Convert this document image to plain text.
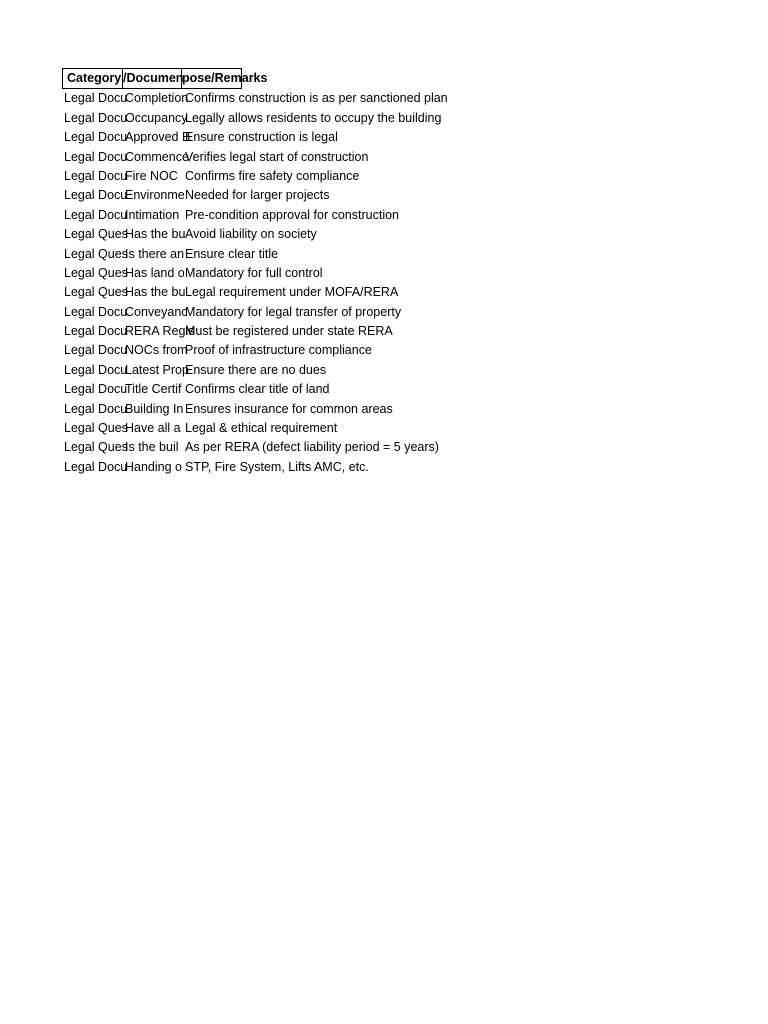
Category /Documen
pose/Remarks
Legal Docu
Completion
Confirms construction is as per sanctioned plan
Legal Docu
Occupancy
Legally allows residents to occupy the building
Legal Docu
Approved B
Ensure construction is legal
Legal Docu
Commence
Verifies legal start of construction
Legal Docu
Fire NOC Confirms fire safety compliance
Legal Docu
Environme Needed for larger projects
Legal Docu
Intimation Pre-condition approval for construction
Legal Ques
Has the bu Avoid liability on society
Legal Ques
Is there an Ensure clear title
Legal Ques
Has land o Mandatory for full control
Legal Ques
Has the bu Legal requirement under MOFA/RERA
Legal Docu
Conveyanc
Mandatory for legal transfer of property
Legal Docu
RERA Regis
Must be registered under state RERA
Legal Docu
NOCs from
Proof of infrastructure compliance
Legal Docu
Latest Prop
Ensure there are no dues
Legal Docu
Title Certif Confirms clear title of land
Legal Docu
Building In Ensures insurance for common areas
Legal Ques
Have all a Legal & ethical requirement
Legal Ques
Is the buil As per RERA (defect liability period = 5 years)
Legal Docu
Handing o STP, Fire System, Lifts AMC, etc.
